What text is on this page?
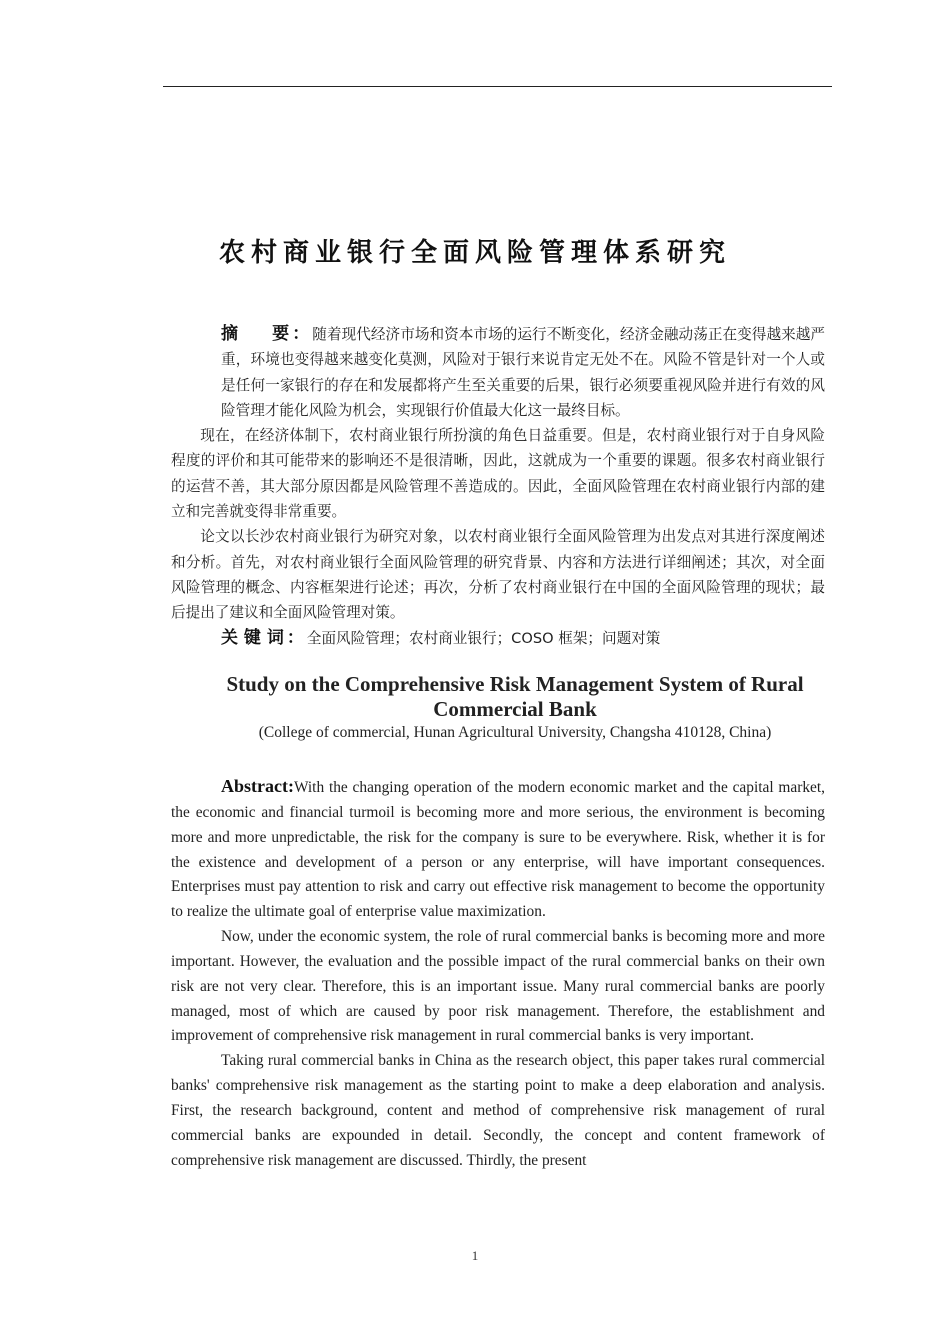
农村商业银行全面风险管理体系研究

摘　　要 ： 随着现代经济市场和资本市场的运行不断变化，经济金融动荡正在变得越来越严重，环境也变得越来越变化莫测，风险对于银行来说肯定无处不在。风险不管是针对一个人或是任何一家银行的存在和发展都将产生至关重要的后果，银行必须要重视风险并进行有效的风险管理才能化风险为机会，实现银行价值最大化这一最终目标。

现在，在经济体制下，农村商业银行所扮演的角色日益重要。但是，农村商业银行对于自身风险程度的评价和其可能带来的影响还不是很清晰，因此，这就成为一个重要的课题。很多农村商业银行的运营不善，其大部分原因都是风险管理不善造成的。因此，全面风险管理在农村商业银行内部的建立和完善就变得非常重要。

论文以长沙农村商业银行为研究对象，以农村商业银行全面风险管理为出发点对其进行深度阐述和分析。首先，对农村商业银行全面风险管理的研究背景、内容和方法进行详细阐述；其次，对全面风险管理的概念、内容框架进行论述；再次，分析了农村商业银行在中国的全面风险管理的现状；最后提出了建议和全面风险管理对策。

关 键 词 ： 全面风险管理；农村商业银行；COSO 框架；问题对策

Study on the Comprehensive Risk Management System of Rural Commercial Bank
(College of commercial, Hunan Agricultural University, Changsha 410128, China)

Abstract:With the changing operation of the modern economic market and the capital market, the economic and financial turmoil is becoming more and more serious, the environment is becoming more and more unpredictable, the risk for the company is sure to be everywhere. Risk, whether it is for the existence and development of a person or any enterprise, will have important consequences. Enterprises must pay attention to risk and carry out effective risk management to become the opportunity to realize the ultimate goal of enterprise value maximization.

Now, under the economic system, the role of rural commercial banks is becoming more and more important. However, the evaluation and the possible impact of the rural commercial banks on their own risk are not very clear. Therefore, this is an important issue. Many rural commercial banks are poorly managed, most of which are caused by poor risk management. Therefore, the establishment and improvement of comprehensive risk management in rural commercial banks is very important.

Taking rural commercial banks in China as the research object, this paper takes rural commercial banks' comprehensive risk management as the starting point to make a deep elaboration and analysis. First, the research background, content and method of comprehensive risk management of rural commercial banks are expounded in detail. Secondly, the concept and content framework of comprehensive risk management are discussed. Thirdly, the present

1
